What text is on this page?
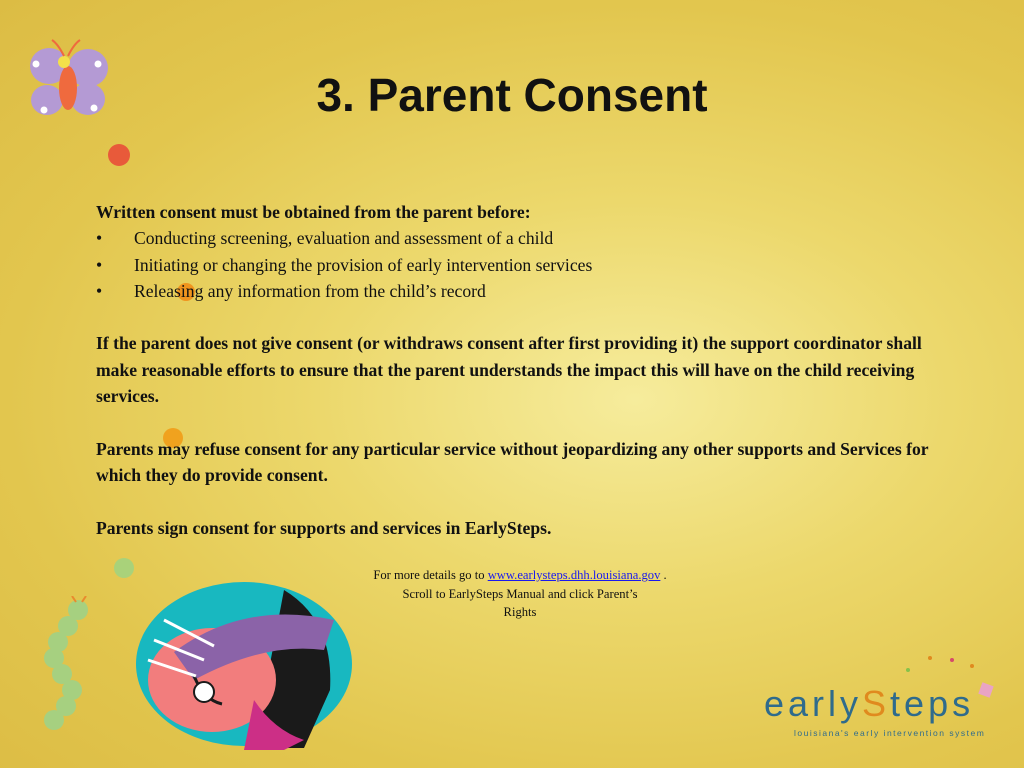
3. Parent Consent
Written consent must be obtained from the parent before:
•	Conducting screening, evaluation and assessment of a child
•	Initiating or changing the provision of early intervention services
•	Releasing any information from the child’s record
If the parent does not give consent (or withdraws consent after first providing it) the support coordinator shall make reasonable efforts to ensure that the parent understands the impact this will have on the child receiving services.
Parents may refuse consent for any particular service without jeopardizing any other supports and Services for which they do provide consent.
Parents sign consent for supports and services in EarlySteps.
For more details go to www.earlysteps.dhh.louisiana.gov .
Scroll to EarlySteps Manual and click Parent’s
Rights
earlySteps
louisiana's early intervention system
